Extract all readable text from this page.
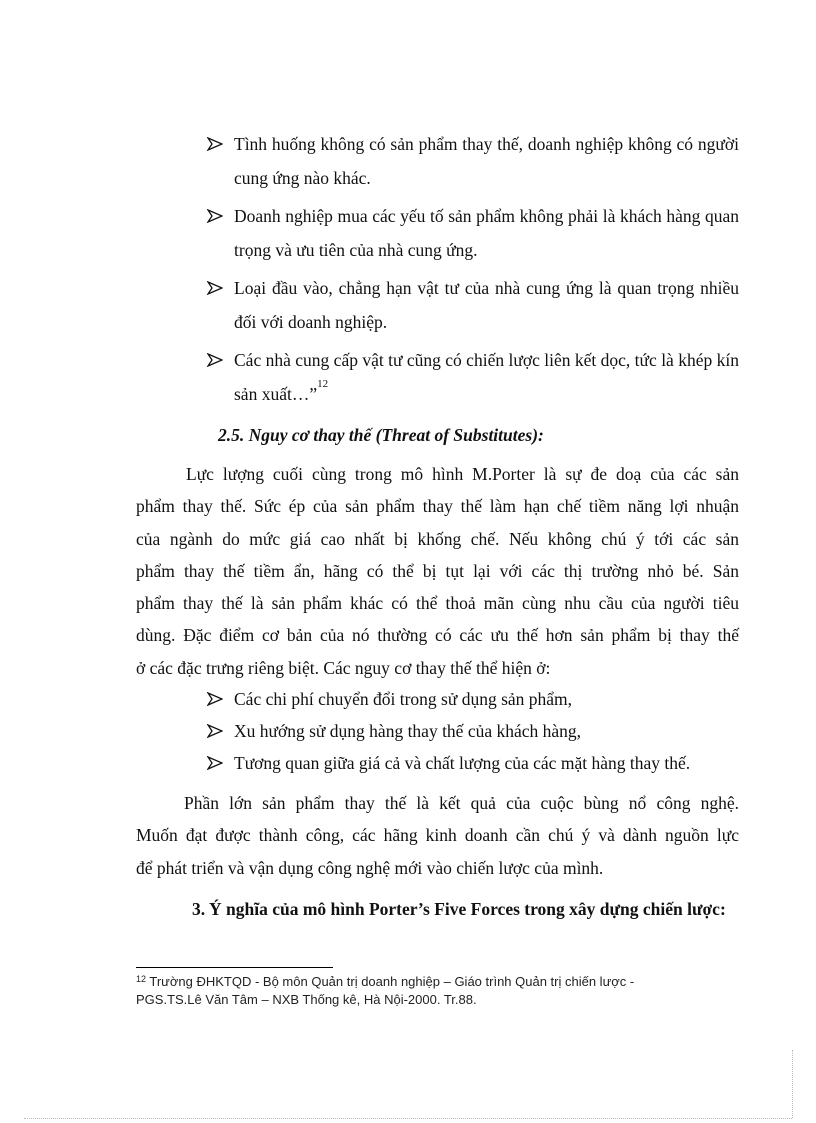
Tình huống không có sản phẩm thay thế, doanh nghiệp không có người cung ứng nào khác.
Doanh nghiệp mua các yếu tố sản phẩm không phải là khách hàng quan trọng và ưu tiên của nhà cung ứng.
Loại đầu vào, chẳng hạn vật tư của nhà cung ứng là quan trọng nhiều đối với doanh nghiệp.
Các nhà cung cấp vật tư cũng có chiến lược liên kết dọc, tức là khép kín sản xuất…”$^{12}$
2.5. Nguy cơ thay thế (Threat of Substitutes):
Lực lượng cuối cùng trong mô hình M.Porter là sự đe doạ của các sản
phẩm thay thế. Sức ép của sản phẩm thay thế làm hạn chế tiềm năng lợi nhuận
của ngành do mức giá cao nhất bị khống chế. Nếu không chú ý tới các sản
phẩm thay thế tiềm ẩn, hãng có thể bị tụt lại với các thị trường nhỏ bé. Sản
phẩm thay thế là sản phẩm khác có thể thoả mãn cùng nhu cầu của người tiêu
dùng. Đặc điểm cơ bản của nó thường có các ưu thế hơn sản phẩm bị thay thế
ở các đặc trưng riêng biệt. Các nguy cơ thay thế thể hiện ở:
Các chi phí chuyển đổi trong sử dụng sản phẩm,
Xu hướng sử dụng hàng thay thế của khách hàng,
Tương quan giữa giá cả và chất lượng của các mặt hàng thay thế.
Phần lớn sản phẩm thay thế là kết quả của cuộc bùng nổ công nghệ.
Muốn đạt được thành công, các hãng kinh doanh cần chú ý và dành nguồn lực
để phát triển và vận dụng công nghệ mới vào chiến lược của mình.
3. Ý nghĩa của mô hình Porter’s Five Forces trong xây dựng chiến lược:
$^{12}$ Trường ĐHKTQD - Bộ môn Quản trị doanh nghiệp – Giáo trình Quản trị chiến lược - PGS.TS.Lê Văn Tâm – NXB Thống kê, Hà Nội-2000. Tr.88.
